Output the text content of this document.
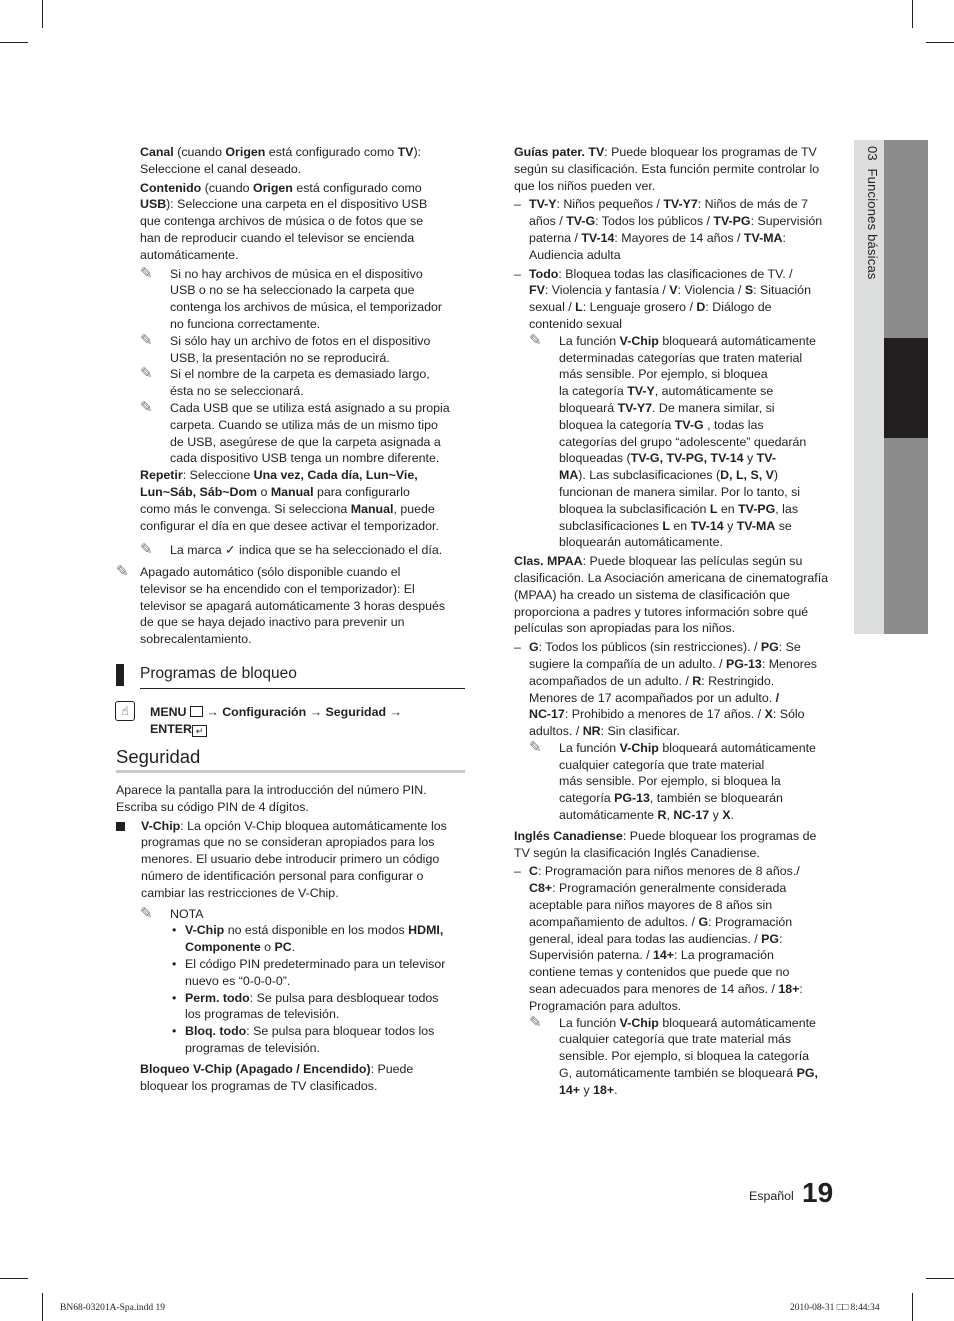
03  Funciones básicas

Canal (cuando Origen está configurado como TV):
Seleccione el canal deseado.

Contenido (cuando Origen está configurado como
USB): Seleccione una carpeta en el dispositivo USB
que contenga archivos de música o de fotos que se
han de reproducir cuando el televisor se encienda
automáticamente.

✎ Si no hay archivos de música en el dispositivo
USB o no se ha seleccionado la carpeta que
contenga los archivos de música, el temporizador
no funciona correctamente.
✎ Si sólo hay un archivo de fotos en el dispositivo
USB, la presentación no se reproducirá.
✎ Si el nombre de la carpeta es demasiado largo,
ésta no se seleccionará.
✎ Cada USB que se utiliza está asignado a su propia
carpeta. Cuando se utiliza más de un mismo tipo
de USB, asegúrese de que la carpeta asignada a
cada dispositivo USB tenga un nombre diferente.

Repetir: Seleccione Una vez, Cada día, Lun~Vie,
Lun~Sáb, Sáb~Dom o Manual para configurarlo
como más le convenga. Si selecciona Manual, puede
configurar el día en que desee activar el temporizador.

✎ La marca ✓ indica que se ha seleccionado el día.
✎ Apagado automático (sólo disponible cuando el
televisor se ha encendido con el temporizador): El
televisor se apagará automáticamente 3 horas después
de que se haya dejado inactivo para prevenir un
sobrecalentamiento.
Programas de bloqueo
☝	MENU  → Configuración → Seguridad →
ENTER ↵
Seguridad

Aparece la pantalla para la introducción del número PIN.
Escriba su código PIN de 4 dígitos.

V-Chip: La opción V-Chip bloquea automáticamente los
programas que no se consideran apropiados para los
menores. El usuario debe introducir primero un código
número de identificación personal para configurar o
cambiar las restricciones de V-Chip.
✎ NOTA
• V-Chip no está disponible en los modos HDMI,
Componente o PC.
• El código PIN predeterminado para un televisor
nuevo es “0-0-0-0”.
• Perm. todo: Se pulsa para desbloquear todos
los programas de televisión.
• Bloq. todo: Se pulsa para bloquear todos los
programas de televisión.

Bloqueo V-Chip (Apagado / Encendido): Puede
bloquear los programas de TV clasificados.

Guías pater. TV: Puede bloquear los programas de TV
según su clasificación. Esta función permite controlar lo
que los niños pueden ver.

– TV-Y: Niños pequeños / TV-Y7: Niños de más de 7
años / TV-G: Todos los públicos / TV-PG: Supervisión
paterna / TV-14: Mayores de 14 años / TV-MA:
Audiencia adulta
– Todo: Bloquea todas las clasificaciones de TV. /
FV: Violencia y fantasía / V: Violencia / S: Situación
sexual / L: Lenguaje grosero / D: Diálogo de
contenido sexual
✎ La función V-Chip bloqueará automáticamente
determinadas categorías que traten material
más sensible. Por ejemplo, si bloquea
la categoría TV-Y, automáticamente se
bloqueará TV-Y7. De manera similar, si
bloquea la categoría TV-G , todas las
categorías del grupo “adolescente” quedarán
bloqueadas (TV-G, TV-PG, TV-14 y TV-
MA). Las subclasificaciones (D, L, S, V)
funcionan de manera similar. Por lo tanto, si
bloquea la subclasificación L en TV-PG, las
subclasificaciones L en TV-14 y TV-MA se
bloquearán automáticamente.

Clas. MPAA: Puede bloquear las películas según su
clasificación. La Asociación americana de cinematografía
(MPAA) ha creado un sistema de clasificación que
proporciona a padres y tutores información sobre qué
películas son apropiadas para los niños.

– G: Todos los públicos (sin restricciones). / PG: Se
sugiere la compañía de un adulto. / PG-13: Menores
acompañados de un adulto. / R: Restringido.
Menores de 17 acompañados por un adulto. /
NC-17: Prohibido a menores de 17 años. / X: Sólo
adultos. / NR: Sin clasificar.
✎ La función V-Chip bloqueará automáticamente
cualquier categoría que trate material
más sensible. Por ejemplo, si bloquea la
categoría PG-13, también se bloquearán
automáticamente R, NC-17 y X.

Inglés Canadiense: Puede bloquear los programas de
TV según la clasificación Inglés Canadiense.

– C: Programación para niños menores de 8 años./
C8+: Programación generalmente considerada
aceptable para niños mayores de 8 años sin
acompañamiento de adultos. / G: Programación
general, ideal para todas las audiencias. / PG:
Supervisión paterna. / 14+: La programación
contiene temas y contenidos que puede que no
sean adecuados para menores de 14 años. / 18+:
Programación para adultos.
✎ La función V-Chip bloqueará automáticamente
cualquier categoría que trate material más
sensible. Por ejemplo, si bloquea la categoría
G, automáticamente también se bloqueará PG,
14+ y 18+.
Español 19
BN68-03201A-Spa.indd 19	2010-08-31 □□ 8:44:34
